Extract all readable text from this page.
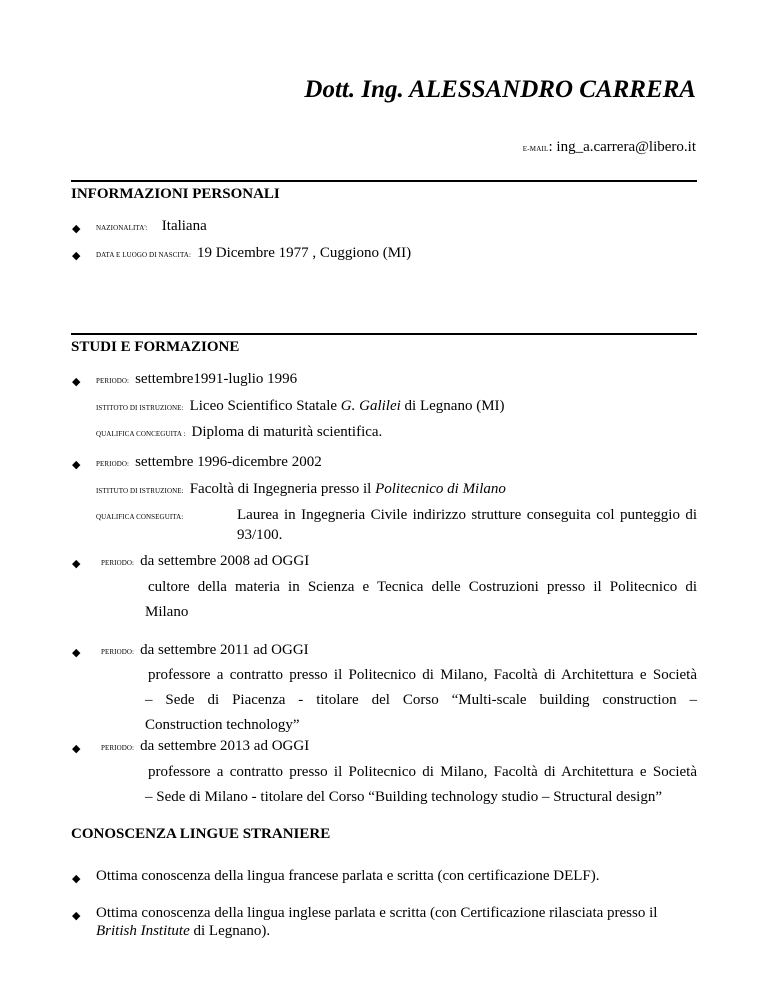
Dott. Ing. ALESSANDRO CARRERA
E-MAIL: ing_a.carrera@libero.it
INFORMAZIONI PERSONALI
◆ NAZIONALITA': Italiana
◆ DATA E LUOGO DI NASCITA: 19 Dicembre 1977 , Cuggiono (MI)
STUDI E FORMAZIONE
◆ PERIODO: settembre1991-luglio 1996
ISTITOTO DI ISTRUZIONE: Liceo Scientifico Statale G. Galilei di Legnano (MI)
QUALIFICA CONCEGUITA : Diploma di maturità scientifica.
◆ PERIODO: settembre 1996-dicembre 2002
ISTITUTO DI ISTRUZIONE: Facoltà di Ingegneria presso il Politecnico di Milano
QUALIFICA CONSEGUITA:	Laurea in Ingegneria Civile indirizzo strutture conseguita col punteggio di
93/100.
◆	PERIODO: da settembre 2008 ad OGGI
cultore della materia in Scienza e Tecnica delle Costruzioni presso il Politecnico di
Milano
◆	PERIODO: da settembre 2011 ad OGGI
professore a contratto presso il Politecnico di Milano, Facoltà di Architettura e Società
– Sede di Piacenza - titolare del Corso “Multi-scale building construction –
Construction technology”
◆	PERIODO: da settembre 2013 ad OGGI
professore a contratto presso il Politecnico di Milano, Facoltà di Architettura e Società
– Sede di Milano - titolare del Corso “Building technology studio – Structural design”
CONOSCENZA LINGUE STRANIERE
◆ Ottima conoscenza della lingua francese parlata e scritta (con certificazione DELF).
◆ Ottima conoscenza della lingua inglese parlata e scritta (con Certificazione rilasciata presso il
British Institute di Legnano).
